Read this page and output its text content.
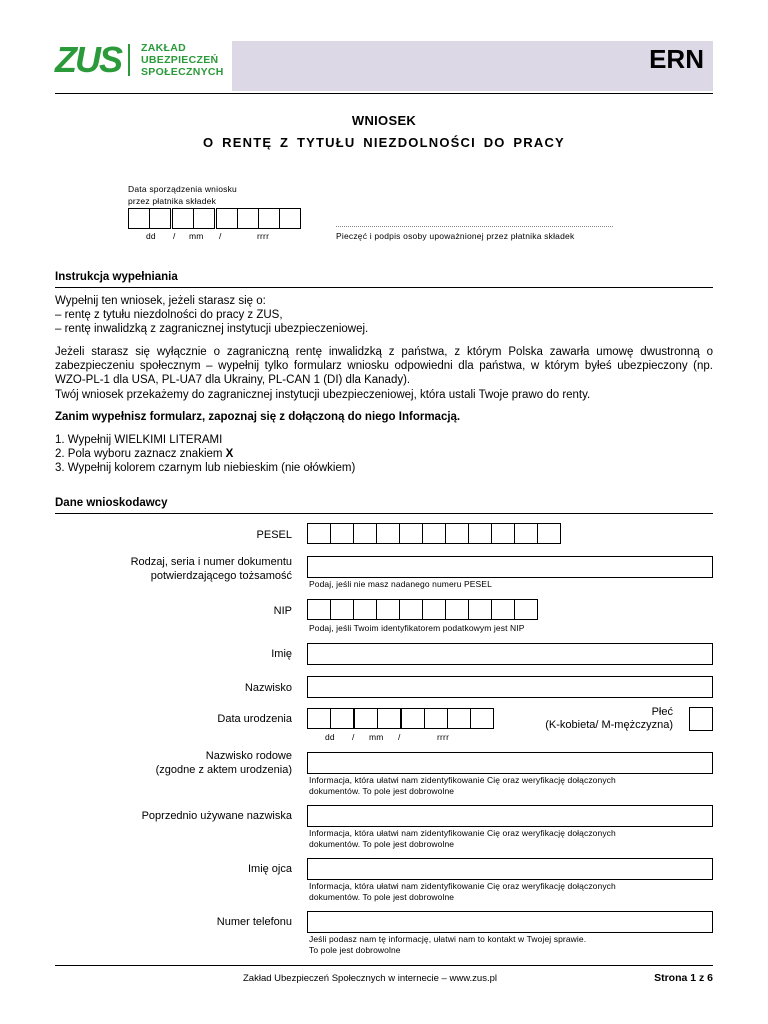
ZUS ZAKŁAD
UBEZPIECZEŃ
SPOŁECZNYCH	ERN
WNIOSEK
O RENTĘ Z TYTUŁU NIEZDOLNOŚCI DO PRACY
Data sporządzenia wniosku
przez płatnika składek
dd / mm /	rrrr	Pieczęć i podpis osoby upoważnionej przez płatnika składek
Instrukcja wypełniania
Wypełnij ten wniosek, jeżeli starasz się o:
– rentę z tytułu niezdolności do pracy z ZUS,
– rentę inwalidzką z zagranicznej instytucji ubezpieczeniowej.
Jeżeli starasz się wyłącznie o zagraniczną rentę inwalidzką z państwa, z którym Polska zawarła umowę dwustronną o zabezpieczeniu społecznym – wypełnij tylko formularz wniosku odpowiedni dla państwa, w którym byłeś ubezpieczony (np. WZO-PL-1 dla USA, PL-UA7 dla Ukrainy, PL-CAN 1 (DI) dla Kanady).
Twój wniosek przekażemy do zagranicznej instytucji ubezpieczeniowej, która ustali Twoje prawo do renty.
Zanim wypełnisz formularz, zapoznaj się z dołączoną do niego Informacją.
1. Wypełnij WIELKIMI LITERAMI
2. Pola wyboru zaznacz znakiem X
3. Wypełnij kolorem czarnym lub niebieskim (nie ołówkiem)
Dane wnioskodawcy
PESEL
Rodzaj, seria i numer dokumentu
potwierdzającego tożsamość
Podaj, jeśli nie masz nadanego numeru PESEL
NIP
Podaj, jeśli Twoim identyfikatorem podatkowym jest NIP
Imię
Nazwisko
Data urodzenia
dd / mm /	rrrr
Płeć
(K-kobieta/ M-mężczyzna)
Nazwisko rodowe
(zgodne z aktem urodzenia)
Informacja, która ułatwi nam zidentyfikowanie Cię oraz weryfikację dołączonych
dokumentów. To pole jest dobrowolne
Poprzednio używane nazwiska
Informacja, która ułatwi nam zidentyfikowanie Cię oraz weryfikację dołączonych
dokumentów. To pole jest dobrowolne
Imię ojca
Informacja, która ułatwi nam zidentyfikowanie Cię oraz weryfikację dołączonych
dokumentów. To pole jest dobrowolne
Numer telefonu
Jeśli podasz nam tę informację, ułatwi nam to kontakt w Twojej sprawie.
To pole jest dobrowolne
Zakład Ubezpieczeń Społecznych w internecie – www.zus.pl	Strona 1 z 6
